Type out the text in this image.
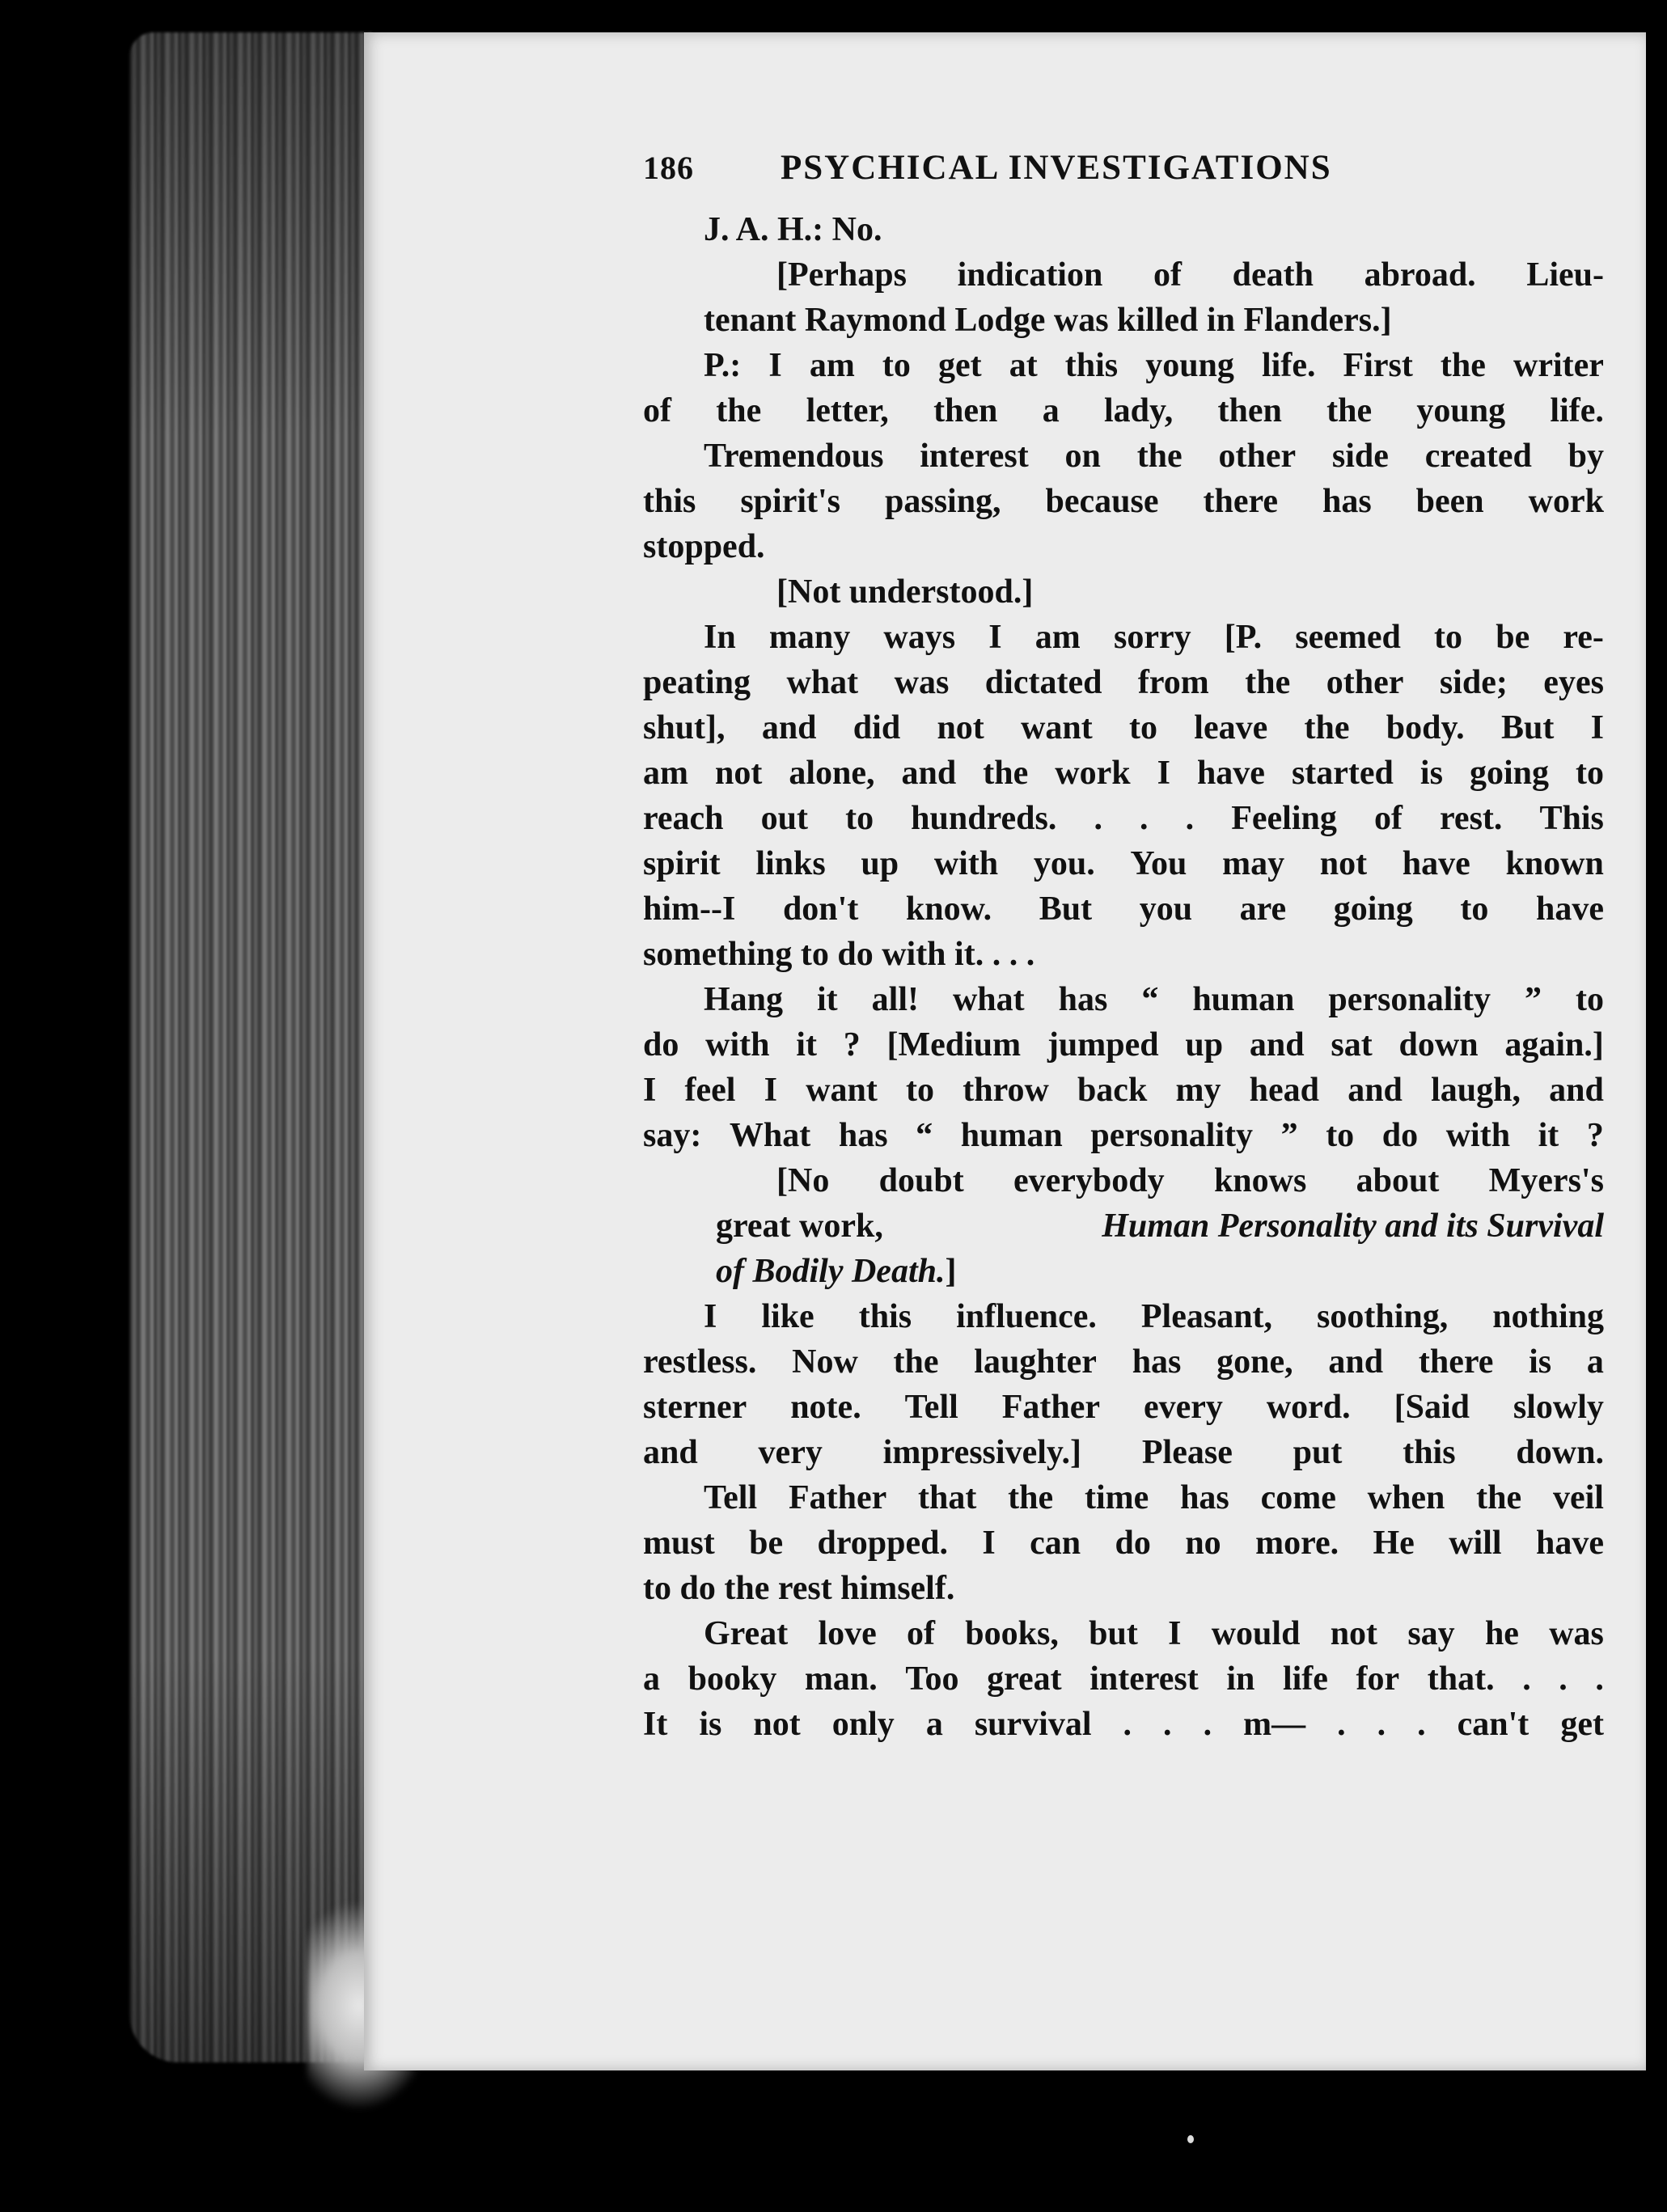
186	PSYCHICAL INVESTIGATIONS
J. A. H.: No.
[Perhaps indication of death abroad. Lieu-
tenant Raymond Lodge was killed in Flanders.]
P.: I am to get at this young life. First the writer
of the letter, then a lady, then the young life.
Tremendous interest on the other side created by
this spirit's passing, because there has been work
stopped.
[Not understood.]
In many ways I am sorry [P. seemed to be re-
peating what was dictated from the other side; eyes
shut], and did not want to leave the body. But I
am not alone, and the work I have started is going to
reach out to hundreds. . . . Feeling of rest. This
spirit links up with you. You may not have known
him--I don't know. But you are going to have
something to do with it. . . .
Hang it all! what has “ human personality ” to
do with it ? [Medium jumped up and sat down again.]
I feel I want to throw back my head and laugh, and
say: What has “ human personality ” to do with it ?
[No doubt everybody knows about Myers's
great work,	Human Personality and its Survival
of Bodily Death. ]
I like this influence. Pleasant, soothing, nothing
restless. Now the laughter has gone, and there is a
sterner note. Tell Father every word. [Said slowly
and very impressively.] Please put this down.
Tell Father that the time has come when the veil
must be dropped. I can do no more. He will have
to do the rest himself.
Great love of books, but I would not say he was
a booky man. Too great interest in life for that. . . .
It is not only a survival . . . m— . . . can't get
